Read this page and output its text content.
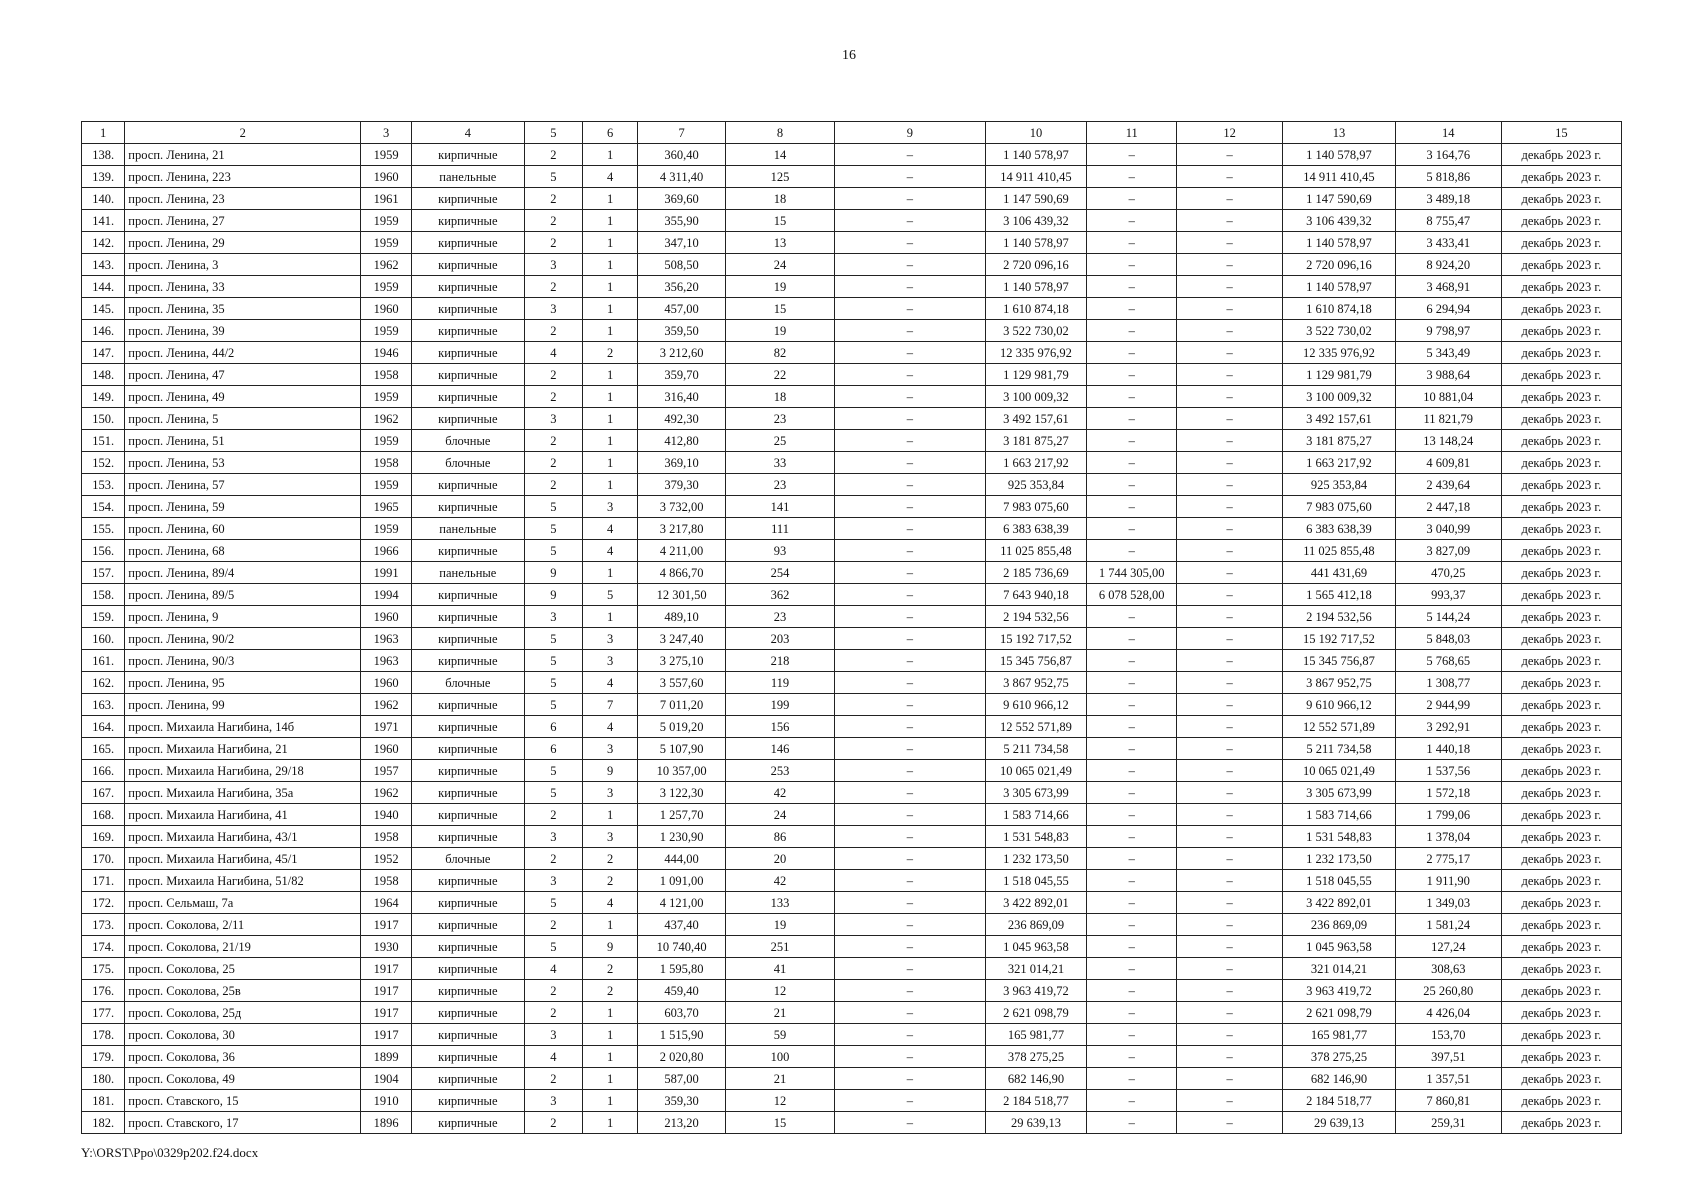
16
1	2	3	4	5	6	7	8	9	10	11	12	13	14	15
138.	просп. Ленина, 21	1959	кирпичные	2	1	360,40	14	–	1 140 578,97	–	–	1 140 578,97	3 164,76	декабрь 2023 г.
139.	просп. Ленина, 223	1960	панельные	5	4	4 311,40	125	–	14 911 410,45	–	–	14 911 410,45	5 818,86	декабрь 2023 г.
140.	просп. Ленина, 23	1961	кирпичные	2	1	369,60	18	–	1 147 590,69	–	–	1 147 590,69	3 489,18	декабрь 2023 г.
141.	просп. Ленина, 27	1959	кирпичные	2	1	355,90	15	–	3 106 439,32	–	–	3 106 439,32	8 755,47	декабрь 2023 г.
142.	просп. Ленина, 29	1959	кирпичные	2	1	347,10	13	–	1 140 578,97	–	–	1 140 578,97	3 433,41	декабрь 2023 г.
143.	просп. Ленина, 3	1962	кирпичные	3	1	508,50	24	–	2 720 096,16	–	–	2 720 096,16	8 924,20	декабрь 2023 г.
144.	просп. Ленина, 33	1959	кирпичные	2	1	356,20	19	–	1 140 578,97	–	–	1 140 578,97	3 468,91	декабрь 2023 г.
145.	просп. Ленина, 35	1960	кирпичные	3	1	457,00	15	–	1 610 874,18	–	–	1 610 874,18	6 294,94	декабрь 2023 г.
146.	просп. Ленина, 39	1959	кирпичные	2	1	359,50	19	–	3 522 730,02	–	–	3 522 730,02	9 798,97	декабрь 2023 г.
147.	просп. Ленина, 44/2	1946	кирпичные	4	2	3 212,60	82	–	12 335 976,92	–	–	12 335 976,92	5 343,49	декабрь 2023 г.
148.	просп. Ленина, 47	1958	кирпичные	2	1	359,70	22	–	1 129 981,79	–	–	1 129 981,79	3 988,64	декабрь 2023 г.
149.	просп. Ленина, 49	1959	кирпичные	2	1	316,40	18	–	3 100 009,32	–	–	3 100 009,32	10 881,04	декабрь 2023 г.
150.	просп. Ленина, 5	1962	кирпичные	3	1	492,30	23	–	3 492 157,61	–	–	3 492 157,61	11 821,79	декабрь 2023 г.
151.	просп. Ленина, 51	1959	блочные	2	1	412,80	25	–	3 181 875,27	–	–	3 181 875,27	13 148,24	декабрь 2023 г.
152.	просп. Ленина, 53	1958	блочные	2	1	369,10	33	–	1 663 217,92	–	–	1 663 217,92	4 609,81	декабрь 2023 г.
153.	просп. Ленина, 57	1959	кирпичные	2	1	379,30	23	–	925 353,84	–	–	925 353,84	2 439,64	декабрь 2023 г.
154.	просп. Ленина, 59	1965	кирпичные	5	3	3 732,00	141	–	7 983 075,60	–	–	7 983 075,60	2 447,18	декабрь 2023 г.
155.	просп. Ленина, 60	1959	панельные	5	4	3 217,80	111	–	6 383 638,39	–	–	6 383 638,39	3 040,99	декабрь 2023 г.
156.	просп. Ленина, 68	1966	кирпичные	5	4	4 211,00	93	–	11 025 855,48	–	–	11 025 855,48	3 827,09	декабрь 2023 г.
157.	просп. Ленина, 89/4	1991	панельные	9	1	4 866,70	254	–	2 185 736,69	1 744 305,00	–	441 431,69	470,25	декабрь 2023 г.
158.	просп. Ленина, 89/5	1994	кирпичные	9	5	12 301,50	362	–	7 643 940,18	6 078 528,00	–	1 565 412,18	993,37	декабрь 2023 г.
159.	просп. Ленина, 9	1960	кирпичные	3	1	489,10	23	–	2 194 532,56	–	–	2 194 532,56	5 144,24	декабрь 2023 г.
160.	просп. Ленина, 90/2	1963	кирпичные	5	3	3 247,40	203	–	15 192 717,52	–	–	15 192 717,52	5 848,03	декабрь 2023 г.
161.	просп. Ленина, 90/3	1963	кирпичные	5	3	3 275,10	218	–	15 345 756,87	–	–	15 345 756,87	5 768,65	декабрь 2023 г.
162.	просп. Ленина, 95	1960	блочные	5	4	3 557,60	119	–	3 867 952,75	–	–	3 867 952,75	1 308,77	декабрь 2023 г.
163.	просп. Ленина, 99	1962	кирпичные	5	7	7 011,20	199	–	9 610 966,12	–	–	9 610 966,12	2 944,99	декабрь 2023 г.
164.	просп. Михаила Нагибина, 14б	1971	кирпичные	6	4	5 019,20	156	–	12 552 571,89	–	–	12 552 571,89	3 292,91	декабрь 2023 г.
165.	просп. Михаила Нагибина, 21	1960	кирпичные	6	3	5 107,90	146	–	5 211 734,58	–	–	5 211 734,58	1 440,18	декабрь 2023 г.
166.	просп. Михаила Нагибина, 29/18	1957	кирпичные	5	9	10 357,00	253	–	10 065 021,49	–	–	10 065 021,49	1 537,56	декабрь 2023 г.
167.	просп. Михаила Нагибина, 35а	1962	кирпичные	5	3	3 122,30	42	–	3 305 673,99	–	–	3 305 673,99	1 572,18	декабрь 2023 г.
168.	просп. Михаила Нагибина, 41	1940	кирпичные	2	1	1 257,70	24	–	1 583 714,66	–	–	1 583 714,66	1 799,06	декабрь 2023 г.
169.	просп. Михаила Нагибина, 43/1	1958	кирпичные	3	3	1 230,90	86	–	1 531 548,83	–	–	1 531 548,83	1 378,04	декабрь 2023 г.
170.	просп. Михаила Нагибина, 45/1	1952	блочные	2	2	444,00	20	–	1 232 173,50	–	–	1 232 173,50	2 775,17	декабрь 2023 г.
171.	просп. Михаила Нагибина, 51/82	1958	кирпичные	3	2	1 091,00	42	–	1 518 045,55	–	–	1 518 045,55	1 911,90	декабрь 2023 г.
172.	просп. Сельмаш, 7а	1964	кирпичные	5	4	4 121,00	133	–	3 422 892,01	–	–	3 422 892,01	1 349,03	декабрь 2023 г.
173.	просп. Соколова, 2/11	1917	кирпичные	2	1	437,40	19	–	236 869,09	–	–	236 869,09	1 581,24	декабрь 2023 г.
174.	просп. Соколова, 21/19	1930	кирпичные	5	9	10 740,40	251	–	1 045 963,58	–	–	1 045 963,58	127,24	декабрь 2023 г.
175.	просп. Соколова, 25	1917	кирпичные	4	2	1 595,80	41	–	321 014,21	–	–	321 014,21	308,63	декабрь 2023 г.
176.	просп. Соколова, 25в	1917	кирпичные	2	2	459,40	12	–	3 963 419,72	–	–	3 963 419,72	25 260,80	декабрь 2023 г.
177.	просп. Соколова, 25д	1917	кирпичные	2	1	603,70	21	–	2 621 098,79	–	–	2 621 098,79	4 426,04	декабрь 2023 г.
178.	просп. Соколова, 30	1917	кирпичные	3	1	1 515,90	59	–	165 981,77	–	–	165 981,77	153,70	декабрь 2023 г.
179.	просп. Соколова, 36	1899	кирпичные	4	1	2 020,80	100	–	378 275,25	–	–	378 275,25	397,51	декабрь 2023 г.
180.	просп. Соколова, 49	1904	кирпичные	2	1	587,00	21	–	682 146,90	–	–	682 146,90	1 357,51	декабрь 2023 г.
181.	просп. Ставского, 15	1910	кирпичные	3	1	359,30	12	–	2 184 518,77	–	–	2 184 518,77	7 860,81	декабрь 2023 г.
182.	просп. Ставского, 17	1896	кирпичные	2	1	213,20	15	–	29 639,13	–	–	29 639,13	259,31	декабрь 2023 г.
Y:\ORST\Ppo\0329p202.f24.docx
